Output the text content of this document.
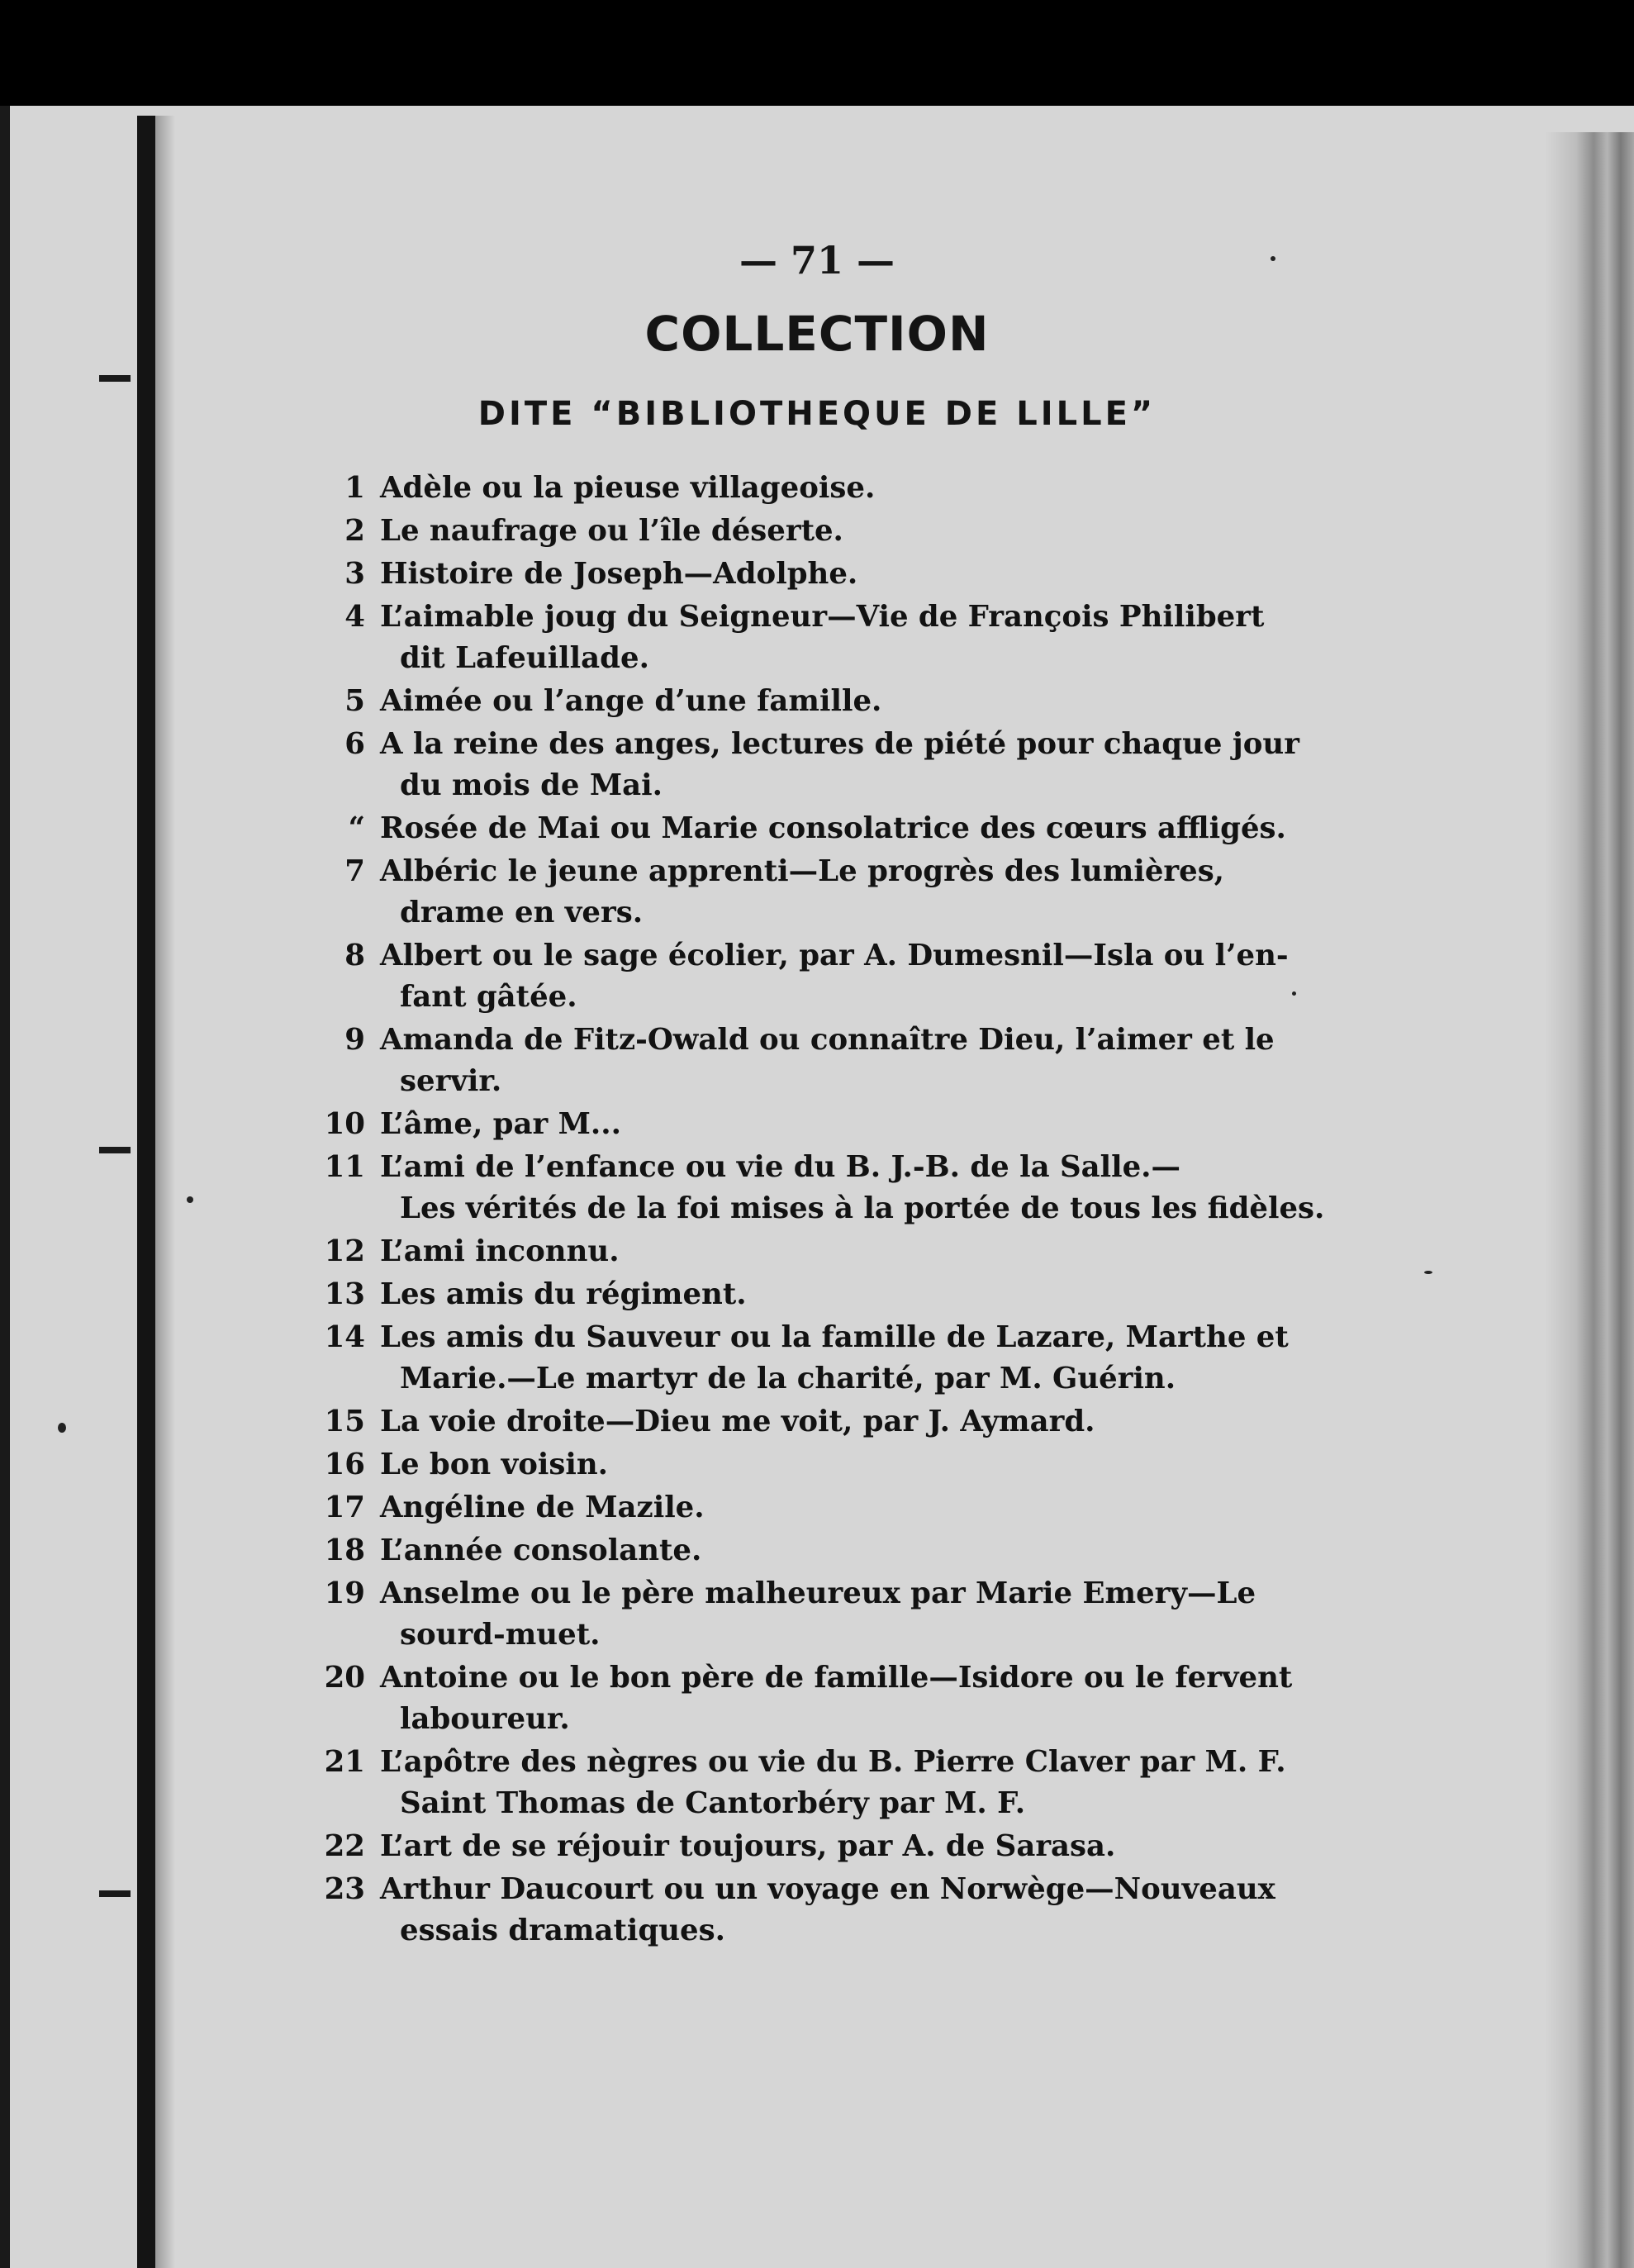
— 71 —
COLLECTION
DITE “BIBLIOTHEQUE DE LILLE”
1 Adèle ou la pieuse villageoise.
2 Le naufrage ou l’île déserte.
3 Histoire de Joseph—Adolphe.
4 L’aimable joug du Seigneur—Vie de François Philibert
dit Lafeuillade.
5 Aimée ou l’ange d’une famille.
6 A la reine des anges, lectures de piété pour chaque jour
du mois de Mai.
“ Rosée de Mai ou Marie consolatrice des cœurs affligés.
7 Albéric le jeune apprenti—Le progrès des lumières,
drame en vers.
8 Albert ou le sage écolier, par A. Dumesnil—Isla ou l’en-
fant gâtée.
9 Amanda de Fitz-Owald ou connaître Dieu, l’aimer et le
servir.
10 L’âme, par M...
11 L’ami de l’enfance ou vie du B. J.-B. de la Salle.—
Les vérités de la foi mises à la portée de tous les fidèles.
12 L’ami inconnu.
13 Les amis du régiment.
14 Les amis du Sauveur ou la famille de Lazare, Marthe et
Marie.—Le martyr de la charité, par M. Guérin.
15 La voie droite—Dieu me voit, par J. Aymard.
16 Le bon voisin.
17 Angéline de Mazile.
18 L’année consolante.
19 Anselme ou le père malheureux par Marie Emery—Le
sourd-muet.
20 Antoine ou le bon père de famille—Isidore ou le fervent
laboureur.
21 L’apôtre des nègres ou vie du B. Pierre Claver par M. F.
Saint Thomas de Cantorbéry par M. F.
22 L’art de se réjouir toujours, par A. de Sarasa.
23 Arthur Daucourt ou un voyage en Norwège—Nouveaux
essais dramatiques.
